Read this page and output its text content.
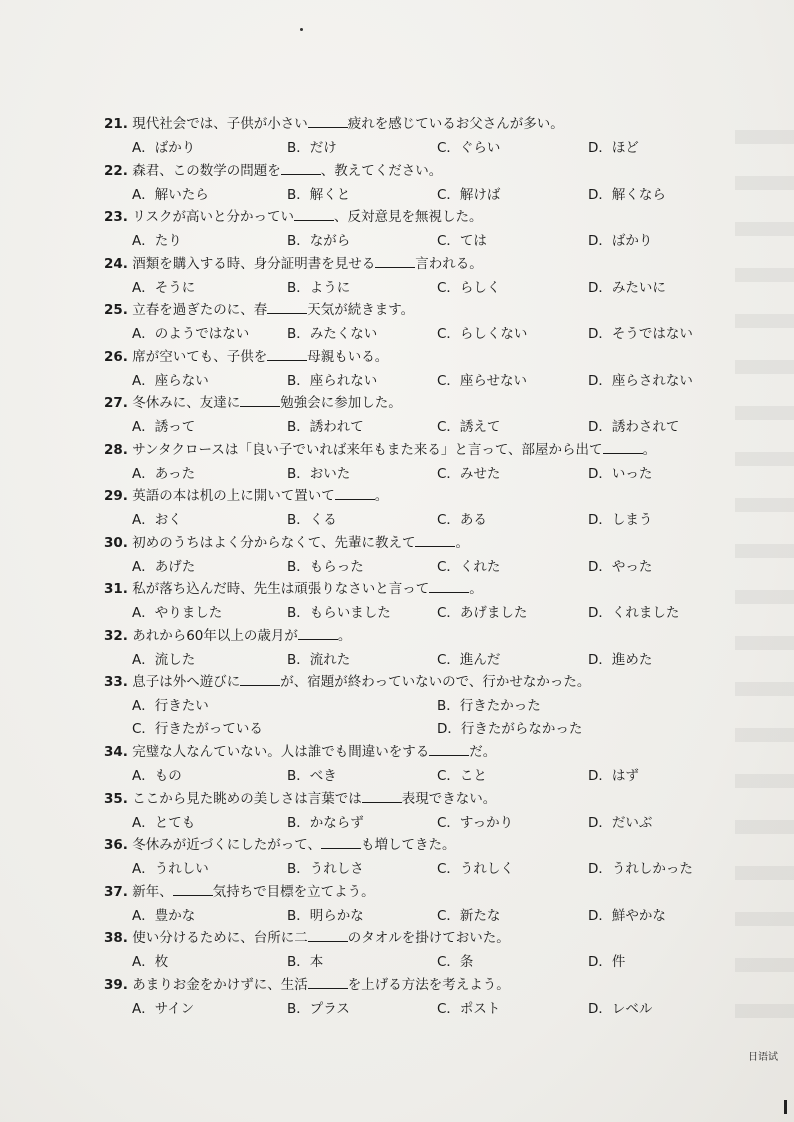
21. 現代社会では、子供が小さい	疲れを感じているお父さんが多い。
A．ばかり	B．だけ	C．ぐらい	D．ほど
22. 森君、この数学の問題を	、教えてください。
A．解いたら	B．解くと	C．解けば	D．解くなら
23. リスクが高いと分かってい	、反対意見を無視した。
A．たり	B．ながら	C．ては	D．ばかり
24. 酒類を購入する時、身分証明書を見せる	言われる。
A．そうに	B．ように	C．らしく	D．みたいに
25. 立春を過ぎたのに、春	天気が続きます。
A．のようではない	B．みたくない	C．らしくない	D．そうではない
26. 席が空いても、子供を	母親もいる。
A．座らない	B．座られない	C．座らせない	D．座らされない
27. 冬休みに、友達に	勉強会に参加した。
A．誘って	B．誘われて	C．誘えて	D．誘わされて
28. サンタクロースは「良い子でいれば来年もまた来る」と言って、部屋から出て	。
A．あった	B．おいた	C．みせた	D．いった
29. 英語の本は机の上に開いて置いて	。
A．おく	B．くる	C．ある	D．しまう
30. 初めのうちはよく分からなくて、先輩に教えて	。
A．あげた	B．もらった	C．くれた	D．やった
31. 私が落ち込んだ時、先生は頑張りなさいと言って	。
A．やりました	B．もらいました	C．あげました	D．くれました
32. あれから60年以上の歳月が	。
A．流した	B．流れた	C．進んだ	D．進めた
33. 息子は外へ遊びに	が、宿題が終わっていないので、行かせなかった。
A．行きたい	B．行きたかった
C．行きたがっている	D．行きたがらなかった
34. 完璧な人なんていない。人は誰でも間違いをする	だ。
A．もの	B．べき	C．こと	D．はず
35. ここから見た眺めの美しさは言葉では	表現できない。
A．とても	B．かならず	C．すっかり	D．だいぶ
36. 冬休みが近づくにしたがって、	も増してきた。
A．うれしい	B．うれしさ	C．うれしく	D．うれしかった
37. 新年、	気持ちで目標を立てよう。
A．豊かな	B．明らかな	C．新たな	D．鮮やかな
38. 使い分けるために、台所に二	のタオルを掛けておいた。
A．枚	B．本	C．条	D．件
39. あまりお金をかけずに、生活	を上げる方法を考えよう。
A．サイン	B．プラス	C．ポスト	D．レベル
日语试
